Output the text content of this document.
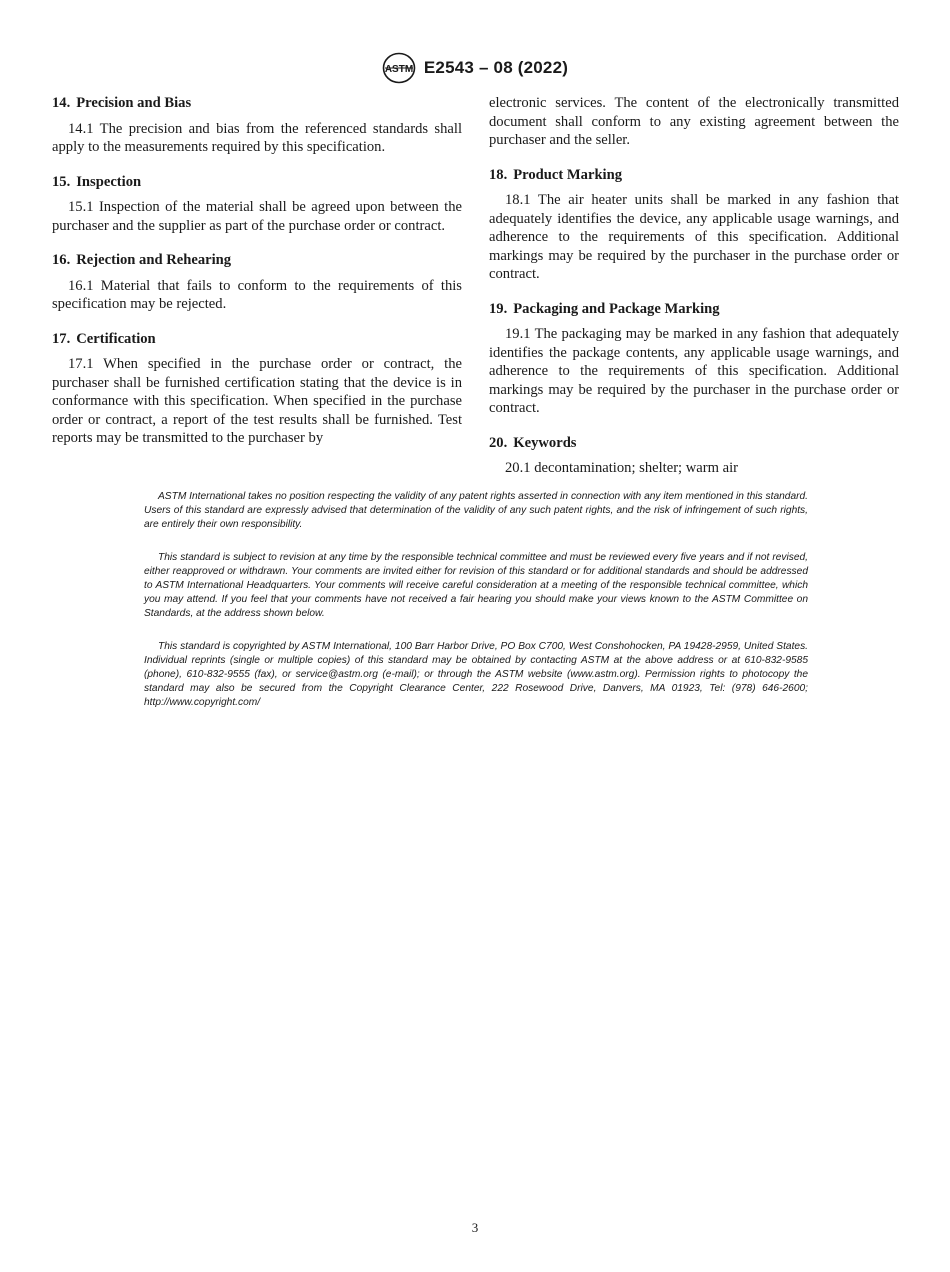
ASTM E2543 – 08 (2022)
14. Precision and Bias

14.1 The precision and bias from the referenced standards shall apply to the measurements required by this specification.

15. Inspection

15.1 Inspection of the material shall be agreed upon between the purchaser and the supplier as part of the purchase order or contract.

16. Rejection and Rehearing

16.1 Material that fails to conform to the requirements of this specification may be rejected.

17. Certification

17.1 When specified in the purchase order or contract, the purchaser shall be furnished certification stating that the device is in conformance with this specification. When specified in the purchase order or contract, a report of the test results shall be furnished. Test reports may be transmitted to the purchaser by

electronic services. The content of the electronically transmitted document shall conform to any existing agreement between the purchaser and the seller.

18. Product Marking

18.1 The air heater units shall be marked in any fashion that adequately identifies the device, any applicable usage warnings, and adherence to the requirements of this specification. Additional markings may be required by the purchaser in the purchase order or contract.

19. Packaging and Package Marking

19.1 The packaging may be marked in any fashion that adequately identifies the package contents, any applicable usage warnings, and adherence to the requirements of this specification. Additional markings may be required by the purchaser in the purchase order or contract.

20. Keywords

20.1 decontamination; shelter; warm air

ASTM International takes no position respecting the validity of any patent rights asserted in connection with any item mentioned in this standard. Users of this standard are expressly advised that determination of the validity of any such patent rights, and the risk of infringement of such rights, are entirely their own responsibility.

This standard is subject to revision at any time by the responsible technical committee and must be reviewed every five years and if not revised, either reapproved or withdrawn. Your comments are invited either for revision of this standard or for additional standards and should be addressed to ASTM International Headquarters. Your comments will receive careful consideration at a meeting of the responsible technical committee, which you may attend. If you feel that your comments have not received a fair hearing you should make your views known to the ASTM Committee on Standards, at the address shown below.

This standard is copyrighted by ASTM International, 100 Barr Harbor Drive, PO Box C700, West Conshohocken, PA 19428-2959, United States. Individual reprints (single or multiple copies) of this standard may be obtained by contacting ASTM at the above address or at 610-832-9585 (phone), 610-832-9555 (fax), or service@astm.org (e-mail); or through the ASTM website (www.astm.org). Permission rights to photocopy the standard may also be secured from the Copyright Clearance Center, 222 Rosewood Drive, Danvers, MA 01923, Tel: (978) 646-2600; http://www.copyright.com/

3
